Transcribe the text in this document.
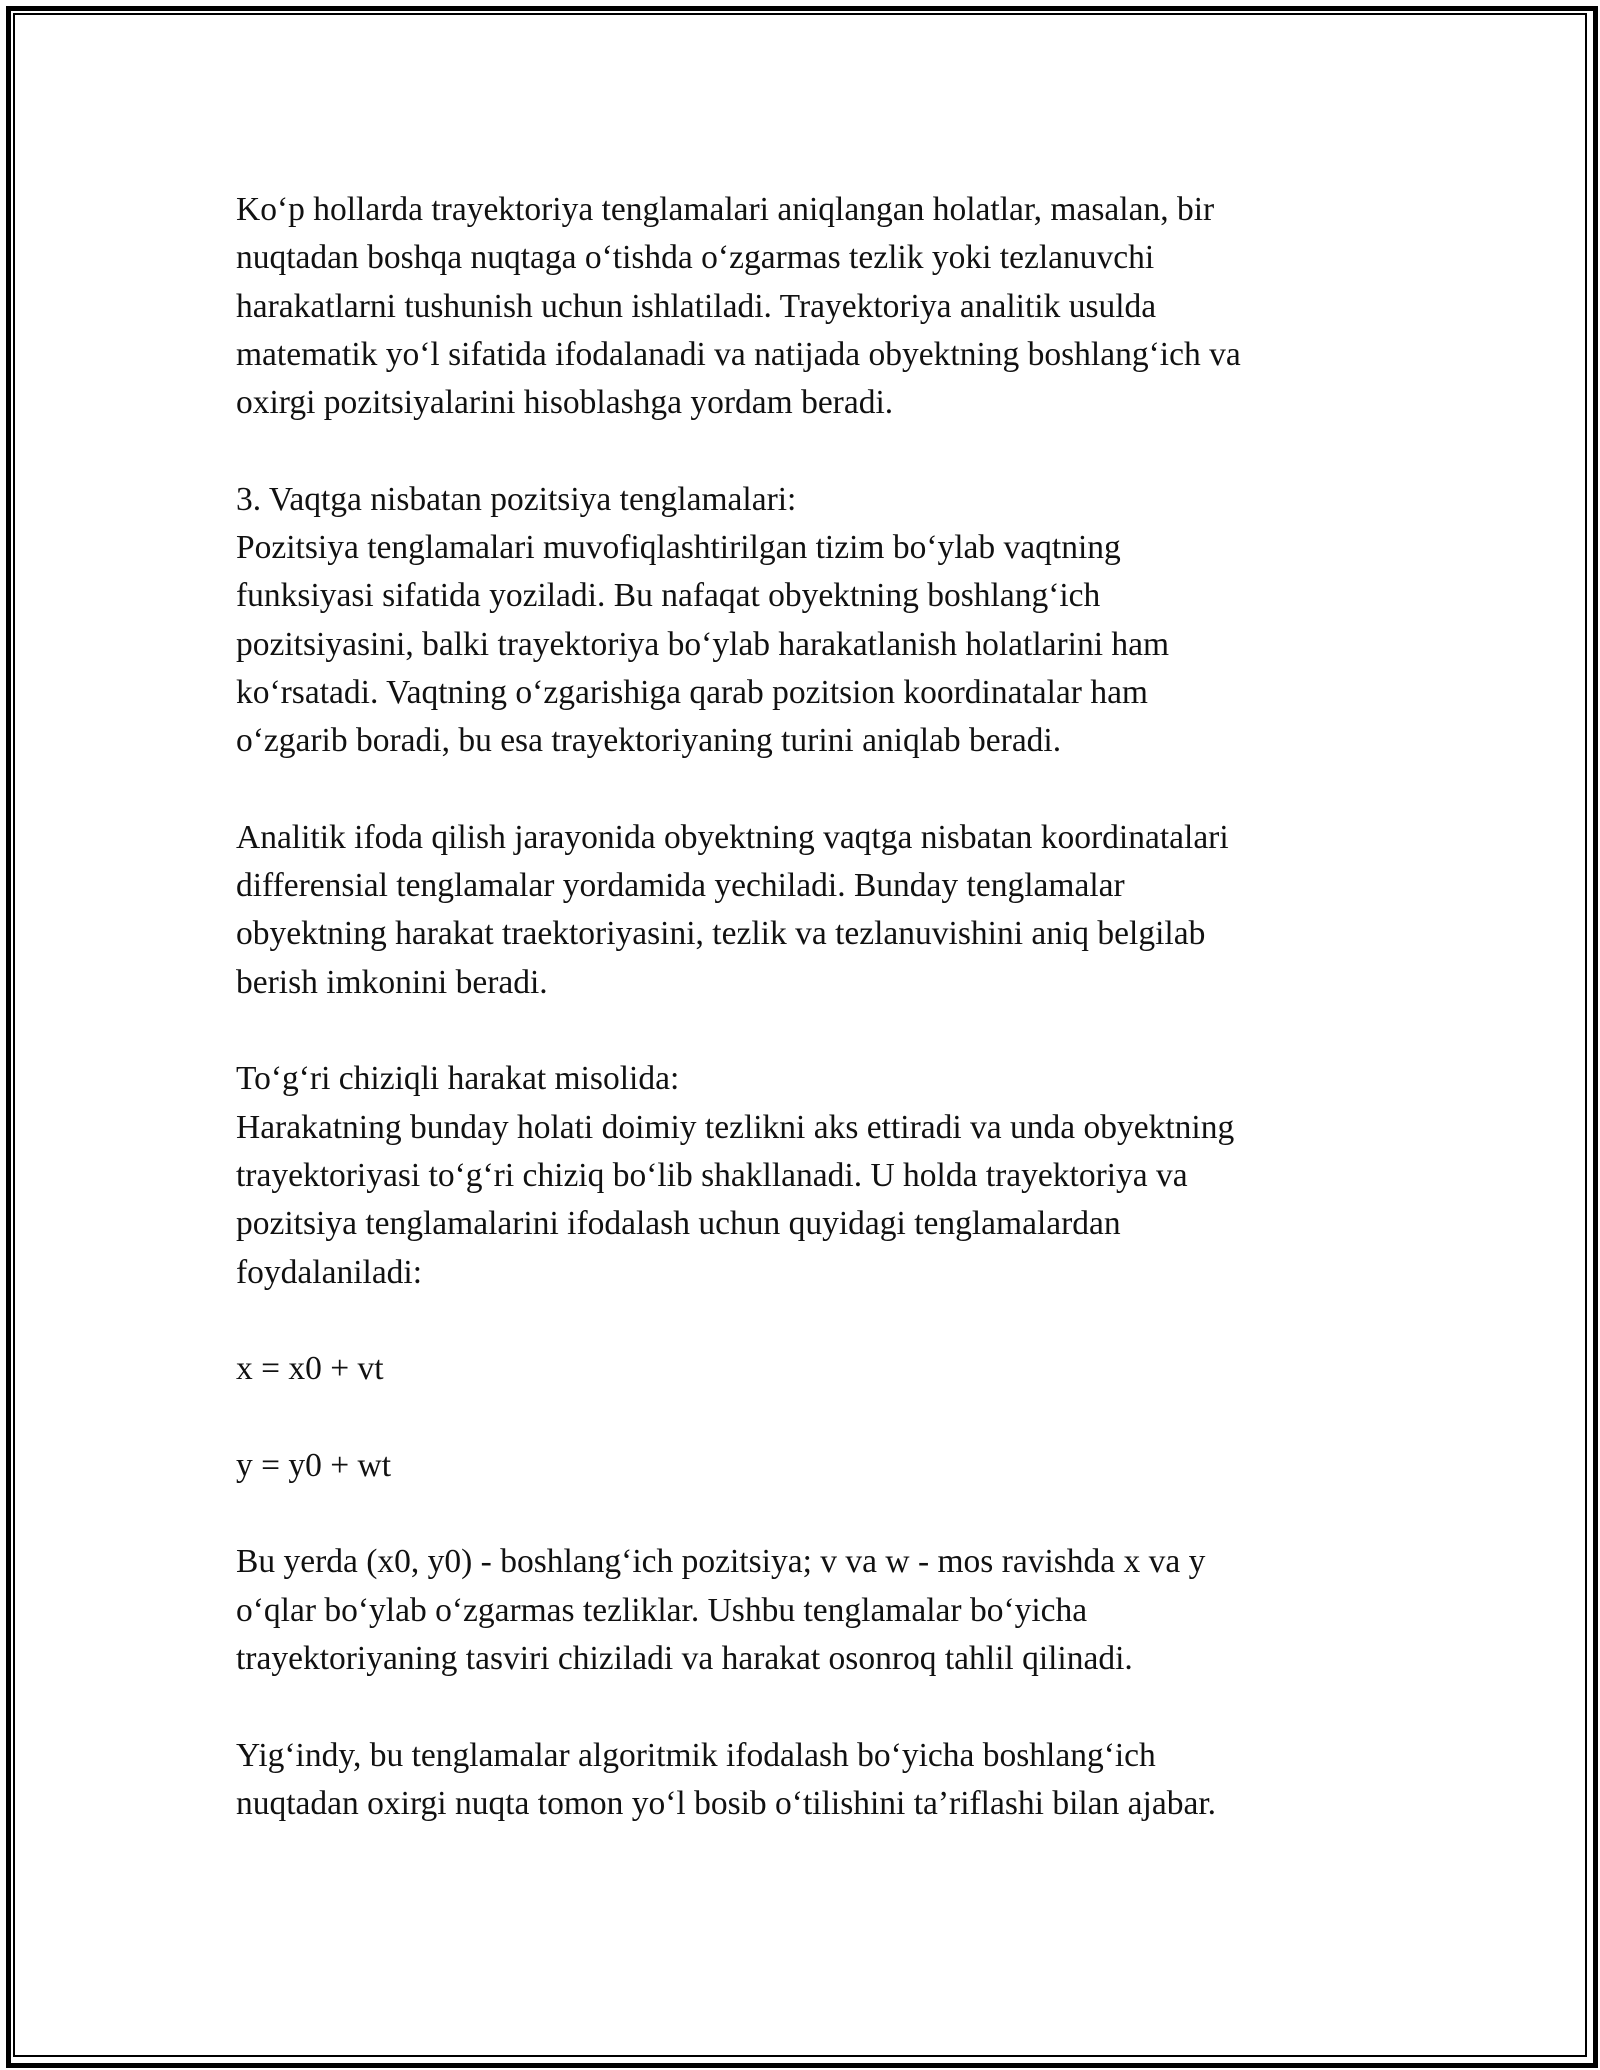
Ko‘p hollarda trayektoriya tenglamalari aniqlangan holatlar, masalan, bir
nuqtadan boshqa nuqtaga o‘tishda o‘zgarmas tezlik yoki tezlanuvchi
harakatlarni tushunish uchun ishlatiladi. Trayektoriya analitik usulda
matematik yo‘l sifatida ifodalanadi va natijada obyektning boshlang‘ich va
oxirgi pozitsiyalarini hisoblashga yordam beradi.

3. Vaqtga nisbatan pozitsiya tenglamalari:
Pozitsiya tenglamalari muvofiqlashtirilgan tizim bo‘ylab vaqtning
funksiyasi sifatida yoziladi. Bu nafaqat obyektning boshlang‘ich
pozitsiyasini, balki trayektoriya bo‘ylab harakatlanish holatlarini ham
ko‘rsatadi. Vaqtning o‘zgarishiga qarab pozitsion koordinatalar ham
o‘zgarib boradi, bu esa trayektoriyaning turini aniqlab beradi.

Analitik ifoda qilish jarayonida obyektning vaqtga nisbatan koordinatalari
differensial tenglamalar yordamida yechiladi. Bunday tenglamalar
obyektning harakat traektoriyasini, tezlik va tezlanuvishini aniq belgilab
berish imkonini beradi.

To‘g‘ri chiziqli harakat misolida:
Harakatning bunday holati doimiy tezlikni aks ettiradi va unda obyektning
trayektoriyasi to‘g‘ri chiziq bo‘lib shakllanadi. U holda trayektoriya va
pozitsiya tenglamalarini ifodalash uchun quyidagi tenglamalardan
foydalaniladi:

x = x0 + vt

y = y0 + wt

Bu yerda (x0, y0) - boshlang‘ich pozitsiya; v va w - mos ravishda x va y
o‘qlar bo‘ylab o‘zgarmas tezliklar. Ushbu tenglamalar bo‘yicha
trayektoriyaning tasviri chiziladi va harakat osonroq tahlil qilinadi.

Yig‘indy, bu tenglamalar algoritmik ifodalash bo‘yicha boshlang‘ich
nuqtadan oxirgi nuqta tomon yo‘l bosib o‘tilishini ta’riflashi bilan ajabar.
